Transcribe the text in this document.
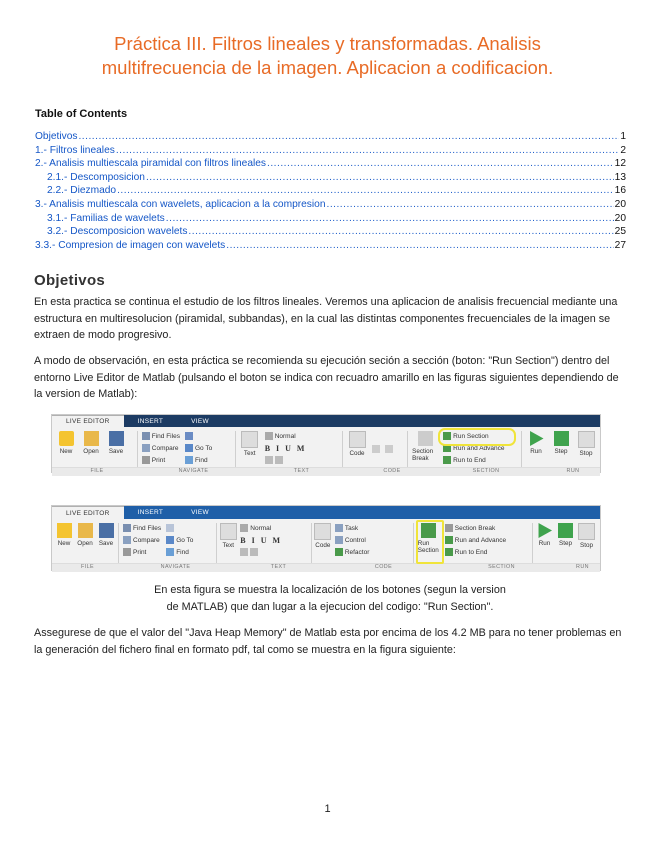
Práctica III. Filtros lineales y transformadas. Analisis
multifrecuencia de la imagen. Aplicacion a codificacion.
Table of Contents
Objetivos .....	1
1.- Filtros lineales .....	2
2.- Analisis multiescala piramidal con filtros lineales .....	12
2.1.- Descomposicion .....	13
2.2.- Diezmado .....	16
3.- Analisis multiescala con wavelets, aplicacion a la compresion .....	20
3.1.- Familias de wavelets .....	20
3.2.- Descomposicion wavelets .....	25
3.3.- Compresion de imagen con wavelets .....	27
Objetivos
En esta practica se continua el estudio de los filtros lineales. Veremos una aplicacion de analisis frecuencial mediante una estructura en multiresolucion (piramidal, subbandas), en la cual las distintas componentes frecuenciales de la imagen se extraen de modo progresivo.
A modo de observación, en esta práctica se recomienda su ejecución seción a sección (boton: "Run Section") dentro del entorno Live Editor de Matlab (pulsando el boton se indica con recuadro amarillo en las figuras siguientes dependiendo de la version de Matlab):
LIVE EDITOR	INSERT	VIEW
New Open Save
Find Files
Compare
Print
Go To
Find
Text
Normal
B I U M
Code	Section Break
Run Section
Run and Advance
Run to End
Run Step Stop
FILE	NAVIGATE	TEXT	CODE	SECTION	RUN
LIVE EDITOR	INSERT	VIEW
New Open Save
Find Files
Compare
Print
Go To
Find
Text
Normal
B I U M
Code
Task
Control
Refactor
Run Section
Section Break
Run and Advance
Run to End
Run Step Stop
FILE	NAVIGATE	TEXT	CODE	SECTION	RUN
En esta figura se muestra la localización de los botones (segun la version
de MATLAB) que dan lugar a la ejecucion del codigo: "Run Section".
Assegurese de que el valor del "Java Heap Memory" de Matlab esta por encima de los 4.2 MB para no tener problemas en la generación del fichero final en formato pdf, tal como se muestra en la figura siguiente:
1
